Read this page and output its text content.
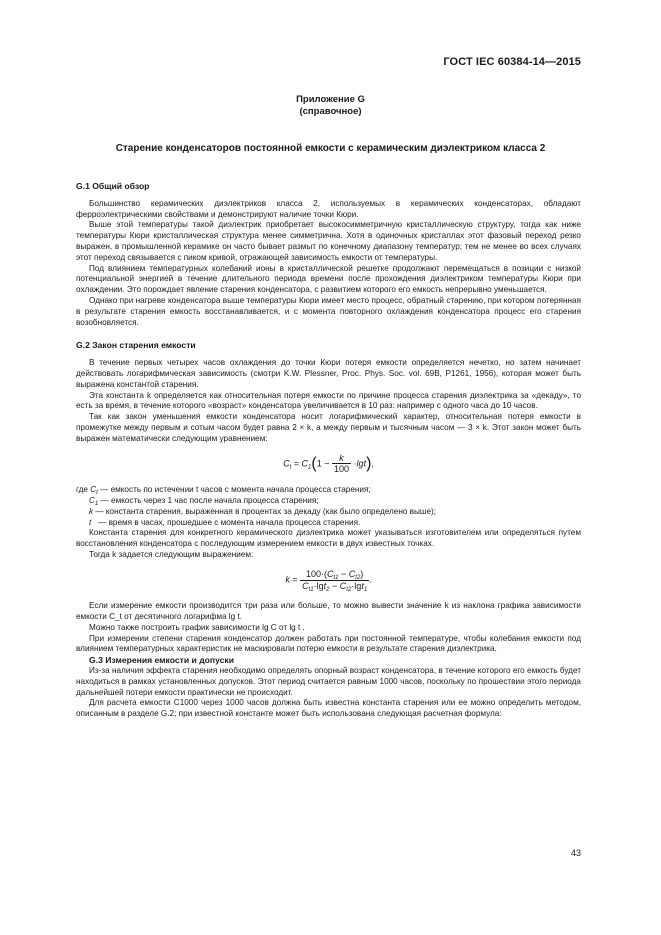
ГОСТ IEC 60384-14—2015
Приложение G
(справочное)
Старение конденсаторов постоянной емкости с керамическим диэлектриком класса 2

G.1 Общий обзор

Большинство керамических диэлектриков класса 2, используемых в керамических конденсаторах, обладают ферроэлектрическими свойствами и демонстрируют наличие точки Кюри.

Выше этой температуры такой диэлектрик приобретает высокосимметричную кристаллическую структуру, тогда как ниже температуры Кюри кристаллическая структура менее симметрична. Хотя в одиночных кристаллах этот фазовый переход резко выражен, в промышленной керамике он часто бывает размыт по конечному диапазону температур; тем не менее во всех случаях этот переход связывается с пиком кривой, отражающей зависимость емкости от температуры.

Под влиянием температурных колебаний ионы в кристаллической решетке продолжают перемещаться в позиции с низкой потенциальной энергией в течение длительного периода времени после прохождения диэлектриком температуры Кюри при охлаждении. Это порождает явление старения конденсатора, с развитием которого его емкость непрерывно уменьшается.

Однако при нагреве конденсатора выше температуры Кюри имеет место процесс, обратный старению, при котором потерянная в результате старения емкость восстанавливается, и с момента повторного охлаждения конденсатора процесс его старения возобновляется.

G.2 Закон старения емкости

В течение первых четырех часов охлаждения до точки Кюри потеря емкости определяется нечетко, но затем начинает действовать логарифмическая зависимость (смотри K.W. Plessner, Proc. Phys. Soc. vol. 69B, P1261, 1956), которая может быть выражена константой старения.

Эта константа k определяется как относительная потеря емкости по причине процесса старения диэлектрика за «декаду», то есть за время, в течение которого «возраст» конденсатора увеличивается в 10 раз: например с одного часа до 10 часов.

Так как закон уменьшения емкости конденсатора носит логарифмический характер, относительная потеря емкости в промежутке между первым и сотым часом будет равна 2 × k, а между первым и тысячным часом — 3 × k. Этот закон может быть выражен математически следующим уравнением:

$C_t = C_1(1 - \frac{k}{100} \cdot\lg t)$,
где $C_t$ — емкость по истечении t часов с момента начала процесса старения;
$C_1$ — емкость через 1 час после начала процесса старения;
k — константа старения, выраженная в процентах за декаду (как было определено выше);
t — время в часах, прошедшее с момента начала процесса старения.

Константа старения для конкретного керамического диэлектрика может указываться изготовителем или определяться путем восстановления конденсатора с последующим измерением емкости в двух известных точках.

Тогда k задается следующим выражением:

$k = \frac{100\cdot(C_{t1} - C_{t2})}{C_{t1}\cdot\lg t_2 - C_{t2}\cdot\lg t_1}$ .

Если измерение емкости производится три раза или больше, то можно вывести значение k из наклона графика зависимости емкости C_t от десятичного логарифма lg t.

Можно также построить график зависимости lg C от lg t .

При измерении степени старения конденсатор должен работать при постоянной температуре, чтобы колебания емкости под влиянием температурных характеристик не маскировали потерю емкости в результате старения диэлектрика.

G.3 Измерения емкости и допуски

Из-за наличия эффекта старения необходимо определять опорный возраст конденсатора, в течение которого его емкость будет находиться в рамках установленных допусков. Этот период считается равным 1000 часов, поскольку по прошествии этого периода дальнейшей потери емкости практически не происходит.

Для расчета емкости C1000 через 1000 часов должна быть известна константа старения или ее можно определить методом, описанным в разделе G.2; при известной константе может быть использована следующая расчетная формула:

43
